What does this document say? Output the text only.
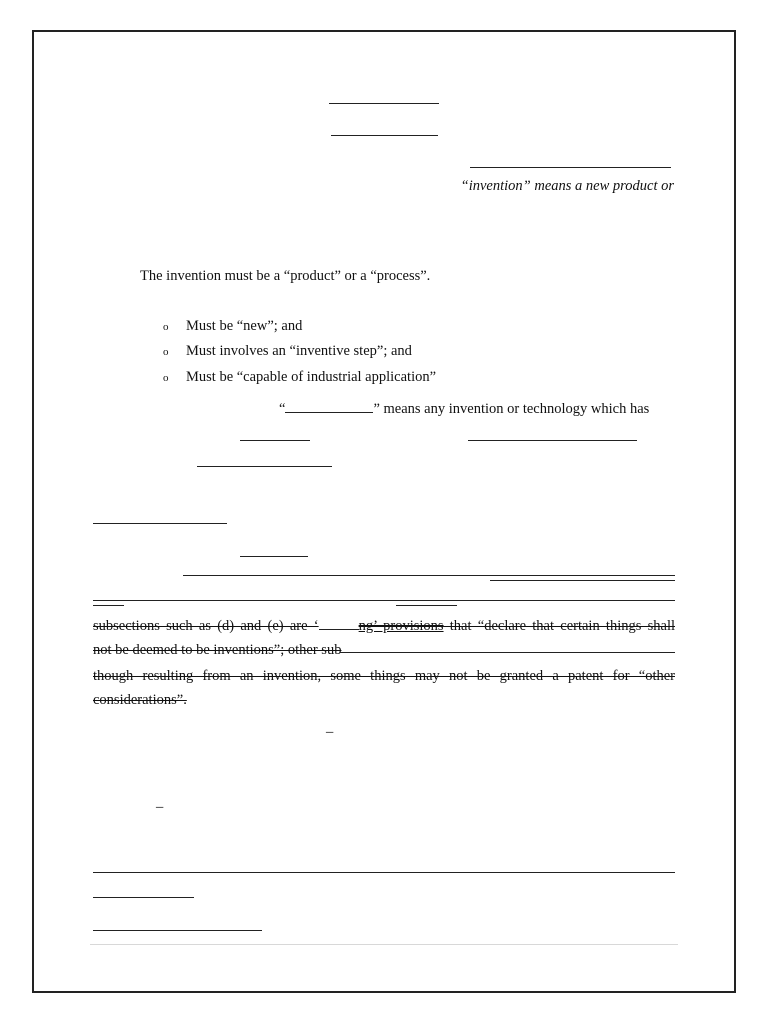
“invention” means a new product or
The invention must be a “product” or a “process”.
o Must be “new”; and
o Must involves an “inventive step”; and
o Must be “capable of industrial application”
“	” means any invention or technology which has
subsections such as (d) and (e) are ‘	ng’ provisions that “declare that certain things shall
not be deemed to be inventions”; other sub
though resulting from an invention, some things may not be granted a patent for “other
considerations”.
–
–
